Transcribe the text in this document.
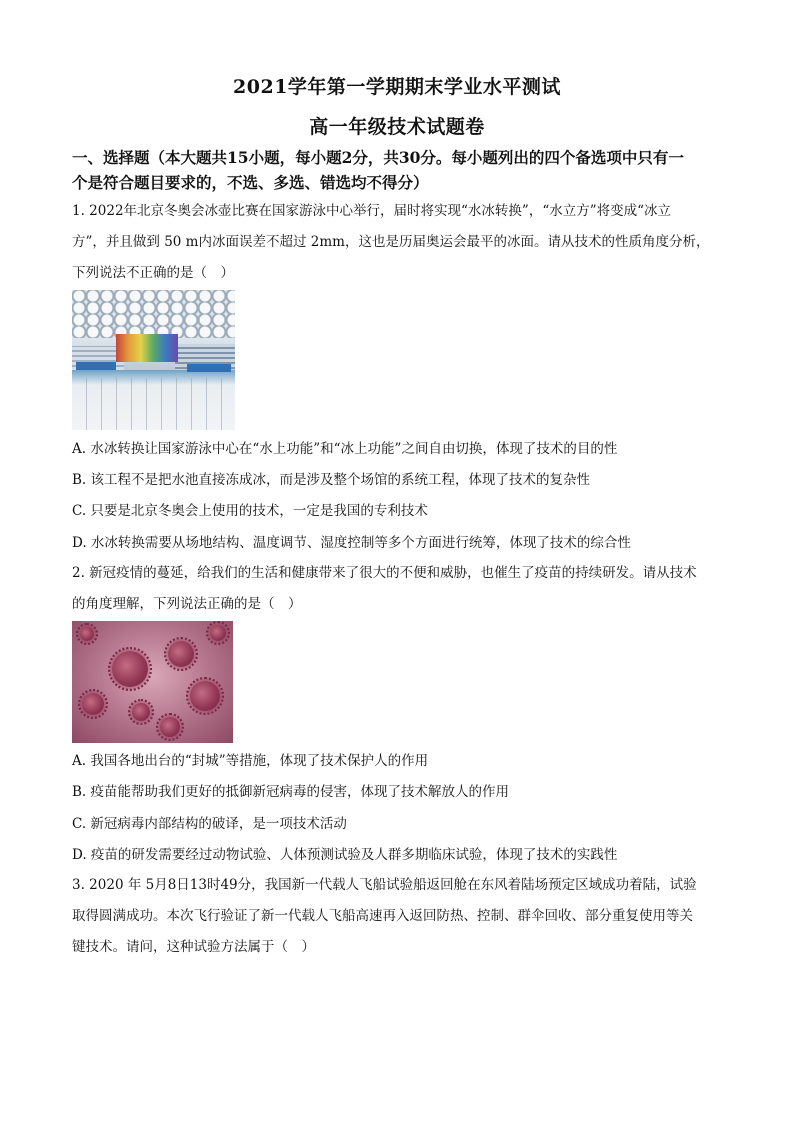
2021学年第一学期期末学业水平测试
高一年级技术试题卷
一、选择题（本大题共15小题，每小题2分，共30分。每小题列出的四个备选项中只有一
个是符合题目要求的，不选、多选、错选均不得分）
1. 2022年北京冬奥会冰壶比赛在国家游泳中心举行，届时将实现“水冰转换”，“水立方”将变成“冰立
方”，并且做到 50 m内冰面误差不超过 2mm，这也是历届奥运会最平的冰面。请从技术的性质角度分析，
下列说法不正确的是（　）
A. 水冰转换让国家游泳中心在“水上功能”和“冰上功能”之间自由切换，体现了技术的目的性
B. 该工程不是把水池直接冻成冰，而是涉及整个场馆的系统工程，体现了技术的复杂性
C. 只要是北京冬奥会上使用的技术，一定是我国的专利技术
D. 水冰转换需要从场地结构、温度调节、湿度控制等多个方面进行统筹，体现了技术的综合性
2. 新冠疫情的蔓延，给我们的生活和健康带来了很大的不便和威胁，也催生了疫苗的持续研发。请从技术
的角度理解，下列说法正确的是（　）
A. 我国各地出台的“封城”等措施，体现了技术保护人的作用
B. 疫苗能帮助我们更好的抵御新冠病毒的侵害，体现了技术解放人的作用
C. 新冠病毒内部结构的破译，是一项技术活动
D. 疫苗的研发需要经过动物试验、人体预测试验及人群多期临床试验，体现了技术的实践性
3. 2020 年 5月8日13时49分，我国新一代载人飞船试验船返回舱在东风着陆场预定区域成功着陆，试验
取得圆满成功。本次飞行验证了新一代载人飞船高速再入返回防热、控制、群伞回收、部分重复使用等关
键技术。请问，这种试验方法属于（　）
